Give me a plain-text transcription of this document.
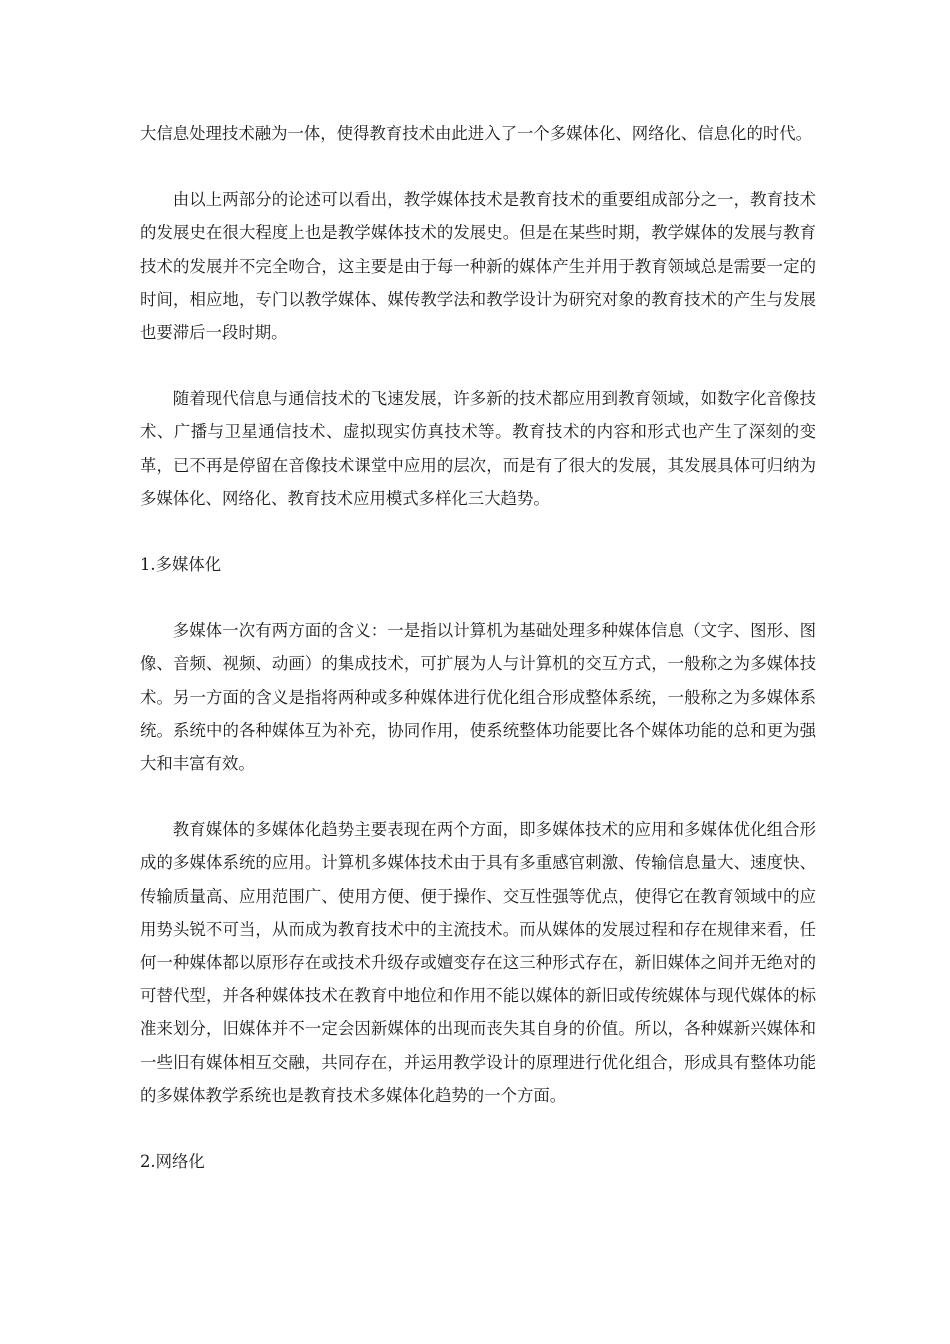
大信息处理技术融为一体，使得教育技术由此进入了一个多媒体化、网络化、信息化的时代。

由以上两部分的论述可以看出，教学媒体技术是教育技术的重要组成部分之一，教育技术的发展史在很大程度上也是教学媒体技术的发展史。但是在某些时期，教学媒体的发展与教育技术的发展并不完全吻合，这主要是由于每一种新的媒体产生并用于教育领域总是需要一定的时间，相应地，专门以教学媒体、媒传教学法和教学设计为研究对象的教育技术的产生与发展也要滞后一段时期。

随着现代信息与通信技术的飞速发展，许多新的技术都应用到教育领域，如数字化音像技术、广播与卫星通信技术、虚拟现实仿真技术等。教育技术的内容和形式也产生了深刻的变革，已不再是停留在音像技术课堂中应用的层次，而是有了很大的发展，其发展具体可归纳为多媒体化、网络化、教育技术应用模式多样化三大趋势。

1.多媒体化

多媒体一次有两方面的含义：一是指以计算机为基础处理多种媒体信息（文字、图形、图像、音频、视频、动画）的集成技术，可扩展为人与计算机的交互方式，一般称之为多媒体技术。另一方面的含义是指将两种或多种媒体进行优化组合形成整体系统，一般称之为多媒体系统。系统中的各种媒体互为补充，协同作用，使系统整体功能要比各个媒体功能的总和更为强大和丰富有效。

教育媒体的多媒体化趋势主要表现在两个方面，即多媒体技术的应用和多媒体优化组合形成的多媒体系统的应用。计算机多媒体技术由于具有多重感官刺激、传输信息量大、速度快、传输质量高、应用范围广、使用方便、便于操作、交互性强等优点，使得它在教育领域中的应用势头锐不可当，从而成为教育技术中的主流技术。而从媒体的发展过程和存在规律来看，任何一种媒体都以原形存在或技术升级存或嬗变存在这三种形式存在，新旧媒体之间并无绝对的可替代型，并各种媒体技术在教育中地位和作用不能以媒体的新旧或传统媒体与现代媒体的标准来划分，旧媒体并不一定会因新媒体的出现而丧失其自身的价值。所以，各种媒新兴媒体和一些旧有媒体相互交融，共同存在，并运用教学设计的原理进行优化组合，形成具有整体功能的多媒体教学系统也是教育技术多媒体化趋势的一个方面。

2.网络化
